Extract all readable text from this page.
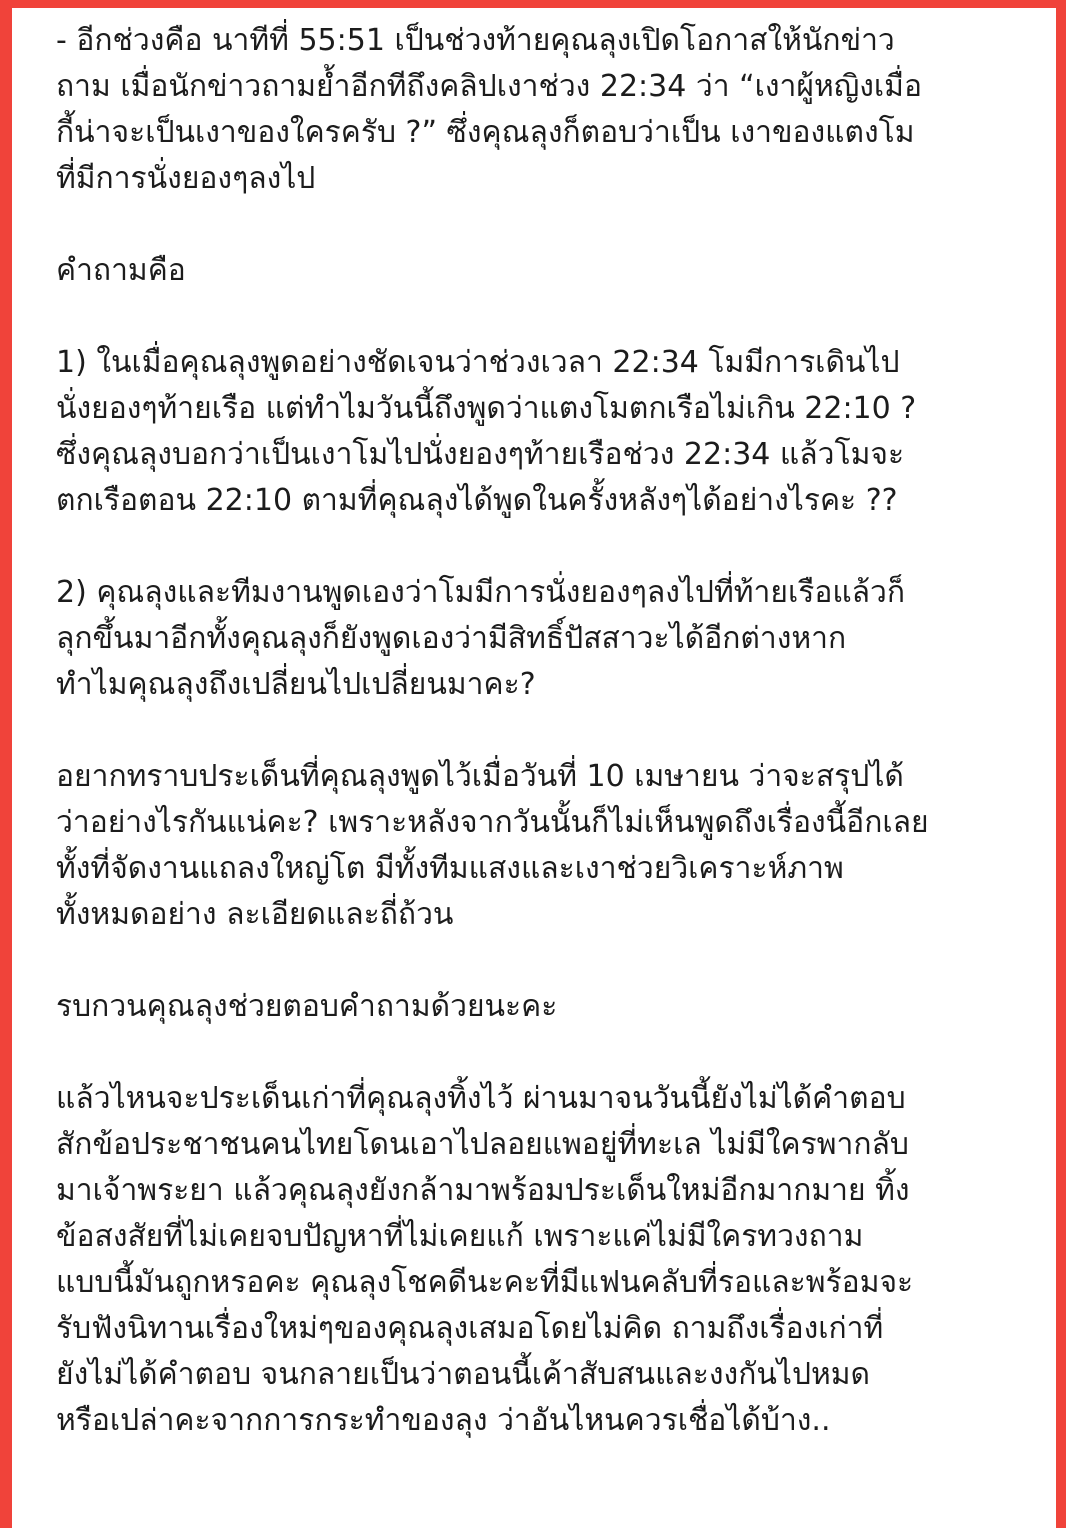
- อีกช่วงคือ นาทีที่ 55:51 เป็นช่วงท้ายคุณลุงเปิดโอกาสให้นักข่าว
ถาม เมื่อนักข่าวถามย้ำอีกทีถึงคลิปเงาช่วง 22:34 ว่า “เงาผู้หญิงเมื่อ
กี้น่าจะเป็นเงาของใครครับ ?” ซึ่งคุณลุงก็ตอบว่าเป็น เงาของแตงโม
ที่มีการนั่งยองๆลงไป
คำถามคือ
1) ในเมื่อคุณลุงพูดอย่างชัดเจนว่าช่วงเวลา 22:34 โมมีการเดินไป
นั่งยองๆท้ายเรือ แต่ทำไมวันนี้ถึงพูดว่าแตงโมตกเรือไม่เกิน 22:10 ?
ซึ่งคุณลุงบอกว่าเป็นเงาโมไปนั่งยองๆท้ายเรือช่วง 22:34 แล้วโมจะ
ตกเรือตอน 22:10 ตามที่คุณลุงได้พูดในครั้งหลังๆได้อย่างไรคะ ??
2) คุณลุงและทีมงานพูดเองว่าโมมีการนั่งยองๆลงไปที่ท้ายเรือแล้วก็
ลุกขึ้นมาอีกทั้งคุณลุงก็ยังพูดเองว่ามีสิทธิ์ปัสสาวะได้อีกต่างหาก
ทำไมคุณลุงถึงเปลี่ยนไปเปลี่ยนมาคะ?
อยากทราบประเด็นที่คุณลุงพูดไว้เมื่อวันที่ 10 เมษายน ว่าจะสรุปได้
ว่าอย่างไรกันแน่คะ? เพราะหลังจากวันนั้นก็ไม่เห็นพูดถึงเรื่องนี้อีกเลย
ทั้งที่จัดงานแถลงใหญ่โต มีทั้งทีมแสงและเงาช่วยวิเคราะห์ภาพ
ทั้งหมดอย่าง ละเอียดและถี่ถ้วน
รบกวนคุณลุงช่วยตอบคำถามด้วยนะคะ
แล้วไหนจะประเด็นเก่าที่คุณลุงทิ้งไว้ ผ่านมาจนวันนี้ยังไม่ได้คำตอบ
สักข้อประชาชนคนไทยโดนเอาไปลอยแพอยู่ที่ทะเล ไม่มีใครพากลับ
มาเจ้าพระยา แล้วคุณลุงยังกล้ามาพร้อมประเด็นใหม่อีกมากมาย ทิ้ง
ข้อสงสัยที่ไม่เคยจบปัญหาที่ไม่เคยแก้ เพราะแค่ไม่มีใครทวงถาม
แบบนี้มันถูกหรอคะ คุณลุงโชคดีนะคะที่มีแฟนคลับที่รอและพร้อมจะ
รับฟังนิทานเรื่องใหม่ๆของคุณลุงเสมอโดยไม่คิด ถามถึงเรื่องเก่าที่
ยังไม่ได้คำตอบ จนกลายเป็นว่าตอนนี้เค้าสับสนและงงกันไปหมด
หรือเปล่าคะจากการกระทำของลุง ว่าอันไหนควรเชื่อได้บ้าง..
